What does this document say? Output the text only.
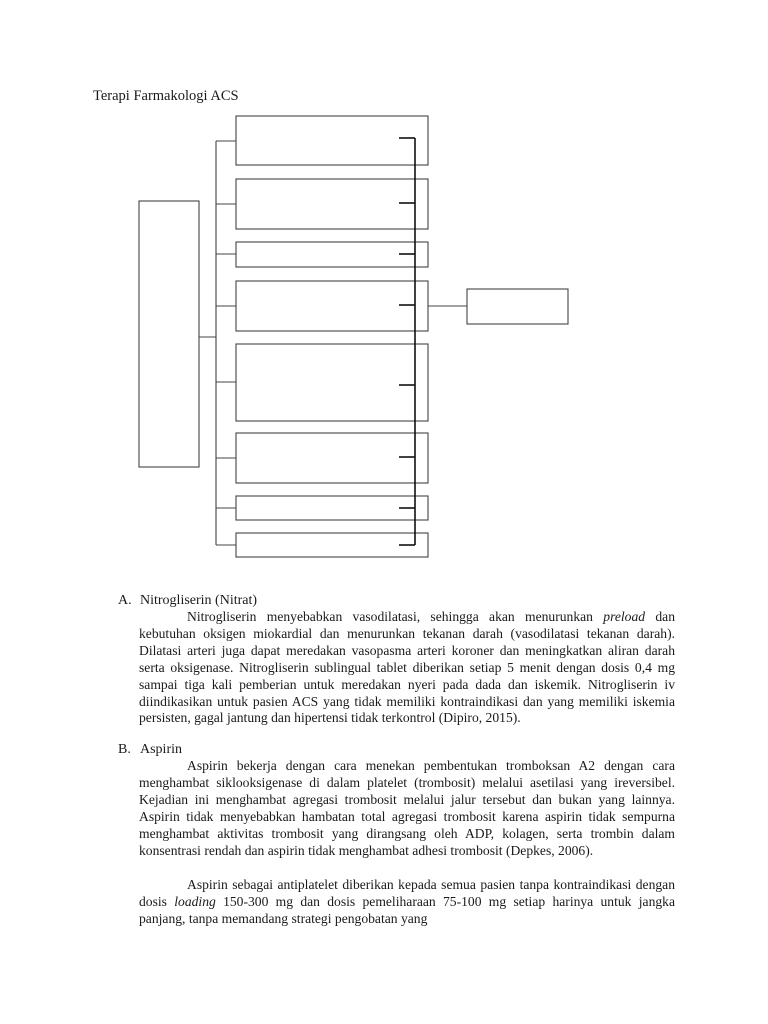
Terapi Farmakologi ACS

A. Nitrogliserin (Nitrat)

Nitrogliserin menyebabkan vasodilatasi, sehingga akan menurunkan preload dan kebutuhan oksigen miokardial dan menurunkan tekanan darah (vasodilatasi tekanan darah). Dilatasi arteri juga dapat meredakan vasopasma arteri koroner dan meningkatkan aliran darah serta oksigenase. Nitrogliserin sublingual tablet diberikan setiap 5 menit dengan dosis 0,4 mg sampai tiga kali pemberian untuk meredakan nyeri pada dada dan iskemik. Nitrogliserin iv diindikasikan untuk pasien ACS yang tidak memiliki kontraindikasi dan yang memiliki iskemia persisten, gagal jantung dan hipertensi tidak terkontrol (Dipiro, 2015).

B. Aspirin

Aspirin bekerja dengan cara menekan pembentukan tromboksan A2 dengan cara menghambat siklooksigenase di dalam platelet (trombosit) melalui asetilasi yang ireversibel. Kejadian ini menghambat agregasi trombosit melalui jalur tersebut dan bukan yang lainnya. Aspirin tidak menyebabkan hambatan total agregasi trombosit karena aspirin tidak sempurna menghambat aktivitas trombosit yang dirangsang oleh ADP, kolagen, serta trombin dalam konsentrasi rendah dan aspirin tidak menghambat adhesi trombosit (Depkes, 2006).

Aspirin sebagai antiplatelet diberikan kepada semua pasien tanpa kontraindikasi dengan dosis loading 150-300 mg dan dosis pemeliharaan 75-100 mg setiap harinya untuk jangka panjang, tanpa memandang strategi pengobatan yang
